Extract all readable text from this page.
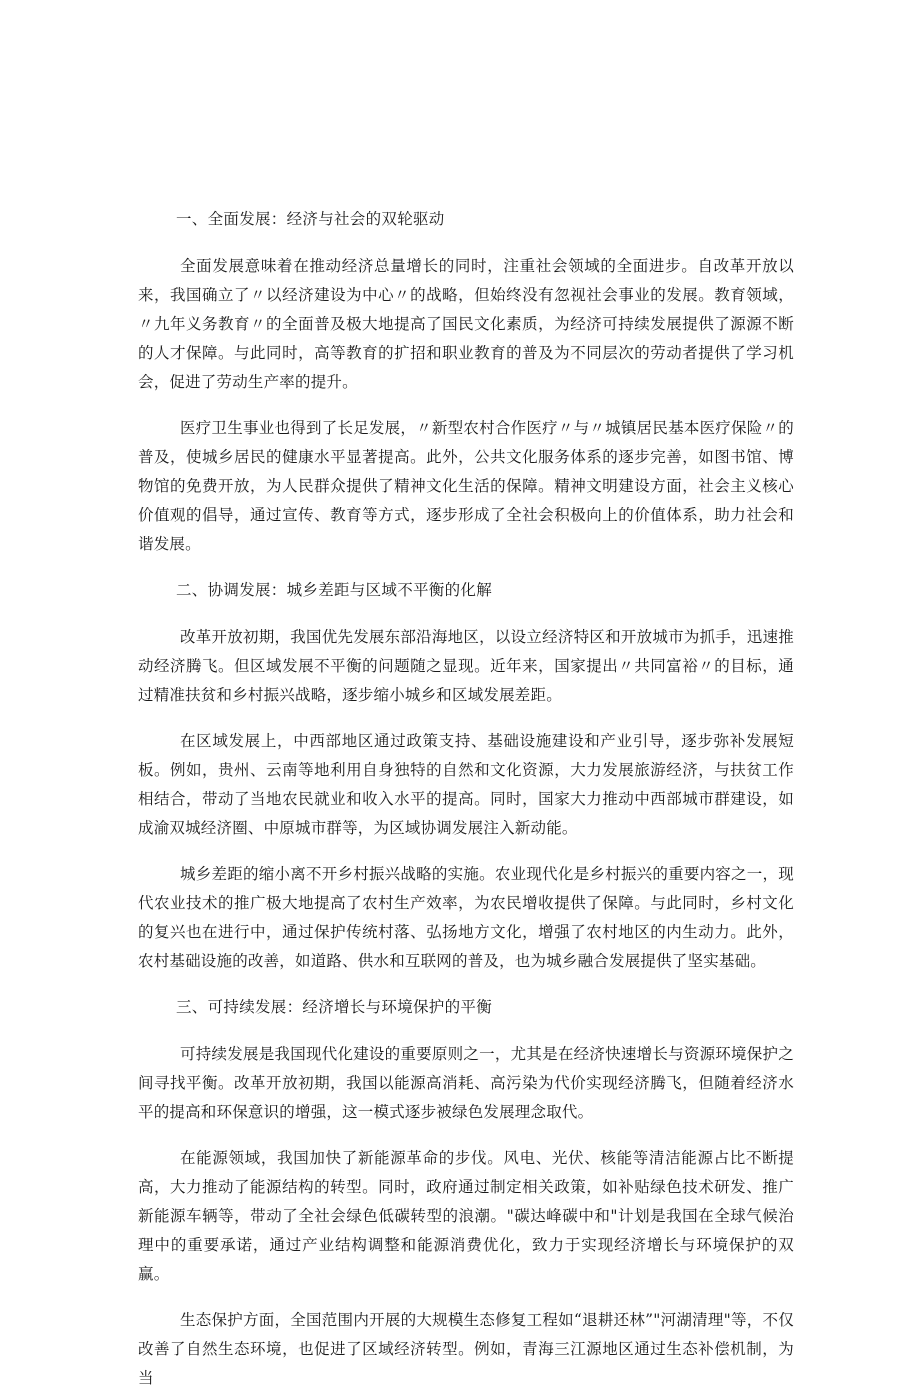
一、全面发展：经济与社会的双轮驱动

全面发展意味着在推动经济总量增长的同时，注重社会领域的全面进步。自改革开放以来，我国确立了〃以经济建设为中心〃的战略，但始终没有忽视社会事业的发展。教育领域，〃九年义务教育〃的全面普及极大地提高了国民文化素质，为经济可持续发展提供了源源不断的人才保障。与此同时，高等教育的扩招和职业教育的普及为不同层次的劳动者提供了学习机会，促进了劳动生产率的提升。

医疗卫生事业也得到了长足发展，〃新型农村合作医疗〃与〃城镇居民基本医疗保险〃的普及，使城乡居民的健康水平显著提高。此外，公共文化服务体系的逐步完善，如图书馆、博物馆的免费开放，为人民群众提供了精神文化生活的保障。精神文明建设方面，社会主义核心价值观的倡导，通过宣传、教育等方式，逐步形成了全社会积极向上的价值体系，助力社会和谐发展。

二、协调发展：城乡差距与区域不平衡的化解

改革开放初期，我国优先发展东部沿海地区，以设立经济特区和开放城市为抓手，迅速推动经济腾飞。但区域发展不平衡的问题随之显现。近年来，国家提出〃共同富裕〃的目标，通过精准扶贫和乡村振兴战略，逐步缩小城乡和区域发展差距。

在区域发展上，中西部地区通过政策支持、基础设施建设和产业引导，逐步弥补发展短板。例如，贵州、云南等地利用自身独特的自然和文化资源，大力发展旅游经济，与扶贫工作相结合，带动了当地农民就业和收入水平的提高。同时，国家大力推动中西部城市群建设，如成渝双城经济圈、中原城市群等，为区域协调发展注入新动能。

城乡差距的缩小离不开乡村振兴战略的实施。农业现代化是乡村振兴的重要内容之一，现代农业技术的推广极大地提高了农村生产效率，为农民增收提供了保障。与此同时，乡村文化的复兴也在进行中，通过保护传统村落、弘扬地方文化，增强了农村地区的内生动力。此外，农村基础设施的改善，如道路、供水和互联网的普及，也为城乡融合发展提供了坚实基础。

三、可持续发展：经济增长与环境保护的平衡

可持续发展是我国现代化建设的重要原则之一，尤其是在经济快速增长与资源环境保护之间寻找平衡。改革开放初期，我国以能源高消耗、高污染为代价实现经济腾飞，但随着经济水平的提高和环保意识的增强，这一模式逐步被绿色发展理念取代。

在能源领域，我国加快了新能源革命的步伐。风电、光伏、核能等清洁能源占比不断提高，大力推动了能源结构的转型。同时，政府通过制定相关政策，如补贴绿色技术研发、推广新能源车辆等，带动了全社会绿色低碳转型的浪潮。"碳达峰碳中和"计划是我国在全球气候治理中的重要承诺，通过产业结构调整和能源消费优化，致力于实现经济增长与环境保护的双赢。

生态保护方面，全国范围内开展的大规模生态修复工程如“退耕还林”"河湖清理"等，不仅改善了自然生态环境，也促进了区域经济转型。例如，青海三江源地区通过生态补偿机制，为当
